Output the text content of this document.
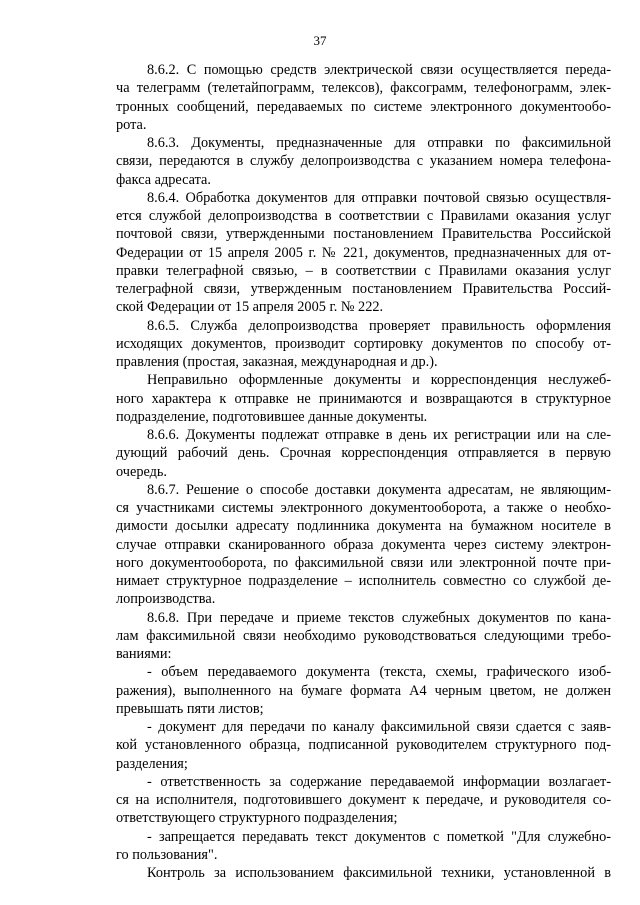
37
8.6.2. С помощью средств электрической связи осуществляется переда-
ча телеграмм (телетайпограмм, телексов), факсограмм, телефонограмм, элек-
тронных сообщений, передаваемых по системе электронного документообо-
рота.
8.6.3. Документы, предназначенные для отправки по факсимильной
связи, передаются в службу делопроизводства с указанием номера телефона-
факса адресата.
8.6.4. Обработка документов для отправки почтовой связью осуществля-
ется службой делопроизводства в соответствии с Правилами оказания услуг
почтовой связи, утвержденными постановлением Правительства Российской
Федерации от 15 апреля 2005 г. № 221, документов, предназначенных для от-
правки телеграфной связью, – в соответствии с Правилами оказания услуг
телеграфной связи, утвержденным постановлением Правительства Россий-
ской Федерации от 15 апреля 2005 г. № 222.
8.6.5. Служба делопроизводства проверяет правильность оформления
исходящих документов, производит сортировку документов по способу от-
правления (простая, заказная, международная и др.).
Неправильно оформленные документы и корреспонденция неслужеб-
ного характера к отправке не принимаются и возвращаются в структурное
подразделение, подготовившее данные документы.
8.6.6. Документы подлежат отправке в день их регистрации или на сле-
дующий рабочий день. Срочная корреспонденция отправляется в первую
очередь.
8.6.7. Решение о способе доставки документа адресатам, не являющим-
ся участниками системы электронного документооборота, а также о необхо-
димости досылки адресату подлинника документа на бумажном носителе в
случае отправки сканированного образа документа через систему электрон-
ного документооборота, по факсимильной связи или электронной почте при-
нимает структурное подразделение – исполнитель совместно со службой де-
лопроизводства.
8.6.8. При передаче и приеме текстов служебных документов по кана-
лам факсимильной связи необходимо руководствоваться следующими требо-
ваниями:
- объем передаваемого документа (текста, схемы, графического изоб-
ражения), выполненного на бумаге формата А4 черным цветом, не должен
превышать пяти листов;
- документ для передачи по каналу факсимильной связи сдается с заяв-
кой установленного образца, подписанной руководителем структурного под-
разделения;
- ответственность за содержание передаваемой информации возлагает-
ся на исполнителя, подготовившего документ к передаче, и руководителя со-
ответствующего структурного подразделения;
- запрещается передавать текст документов с пометкой "Для служебно-
го пользования".
Контроль за использованием факсимильной техники, установленной в
